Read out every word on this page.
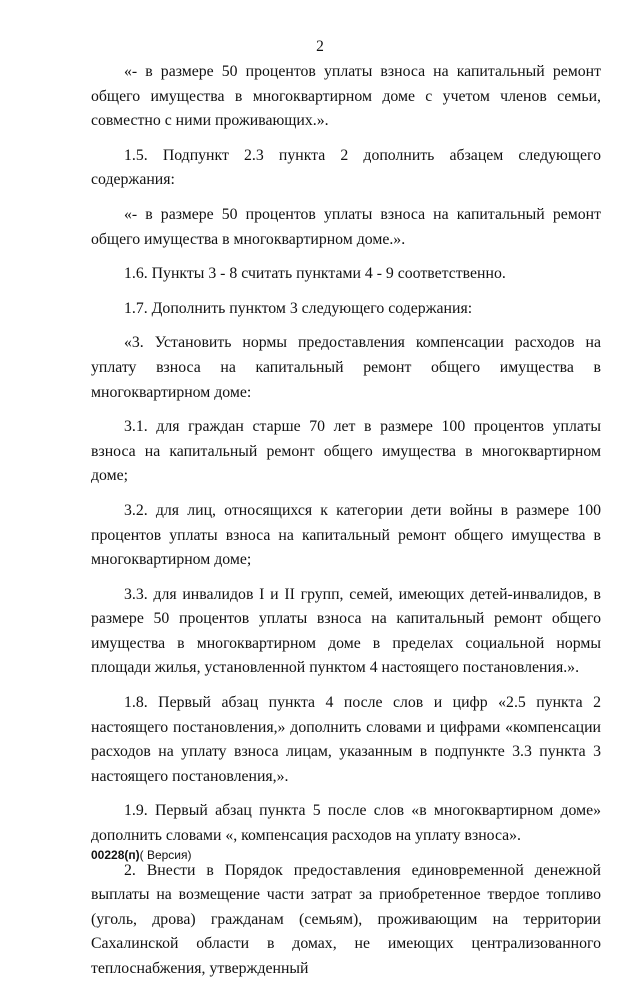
2

«- в размере 50 процентов уплаты взноса на капитальный ремонт общего имущества в многоквартирном доме с учетом членов семьи, совместно с ними проживающих.».

1.5. Подпункт 2.3 пункта 2 дополнить абзацем следующего содержания:

«- в размере 50 процентов уплаты взноса на капитальный ремонт общего имущества в многоквартирном доме.».

1.6. Пункты 3 - 8 считать пунктами 4 - 9 соответственно.

1.7. Дополнить пунктом 3 следующего содержания:

«3. Установить нормы предоставления компенсации расходов на уплату взноса на капитальный ремонт общего имущества в многоквартирном доме:

3.1. для граждан старше 70 лет в размере 100 процентов уплаты взноса на капитальный ремонт общего имущества в многоквартирном доме;

3.2. для лиц, относящихся к категории дети войны в размере 100 процентов уплаты взноса на капитальный ремонт общего имущества в многоквартирном доме;

3.3. для инвалидов I и II групп, семей, имеющих детей-инвалидов, в размере 50 процентов уплаты взноса на капитальный ремонт общего имущества в многоквартирном доме в пределах социальной нормы площади жилья, установленной пунктом 4 настоящего постановления.».

1.8. Первый абзац пункта 4 после слов и цифр «2.5 пункта 2 настоящего постановления,» дополнить словами и цифрами «компенсации расходов на уплату взноса лицам, указанным в подпункте 3.3 пункта 3 настоящего постановления,».

1.9. Первый абзац пункта 5 после слов «в многоквартирном доме» дополнить словами «, компенсация расходов на уплату взноса».

2. Внести в Порядок предоставления единовременной денежной выплаты на возмещение части затрат за приобретенное твердое топливо (уголь, дрова) гражданам (семьям), проживающим на территории Сахалинской области в домах, не имеющих централизованного теплоснабжения, утвержденный

00228(п)( Версия)
